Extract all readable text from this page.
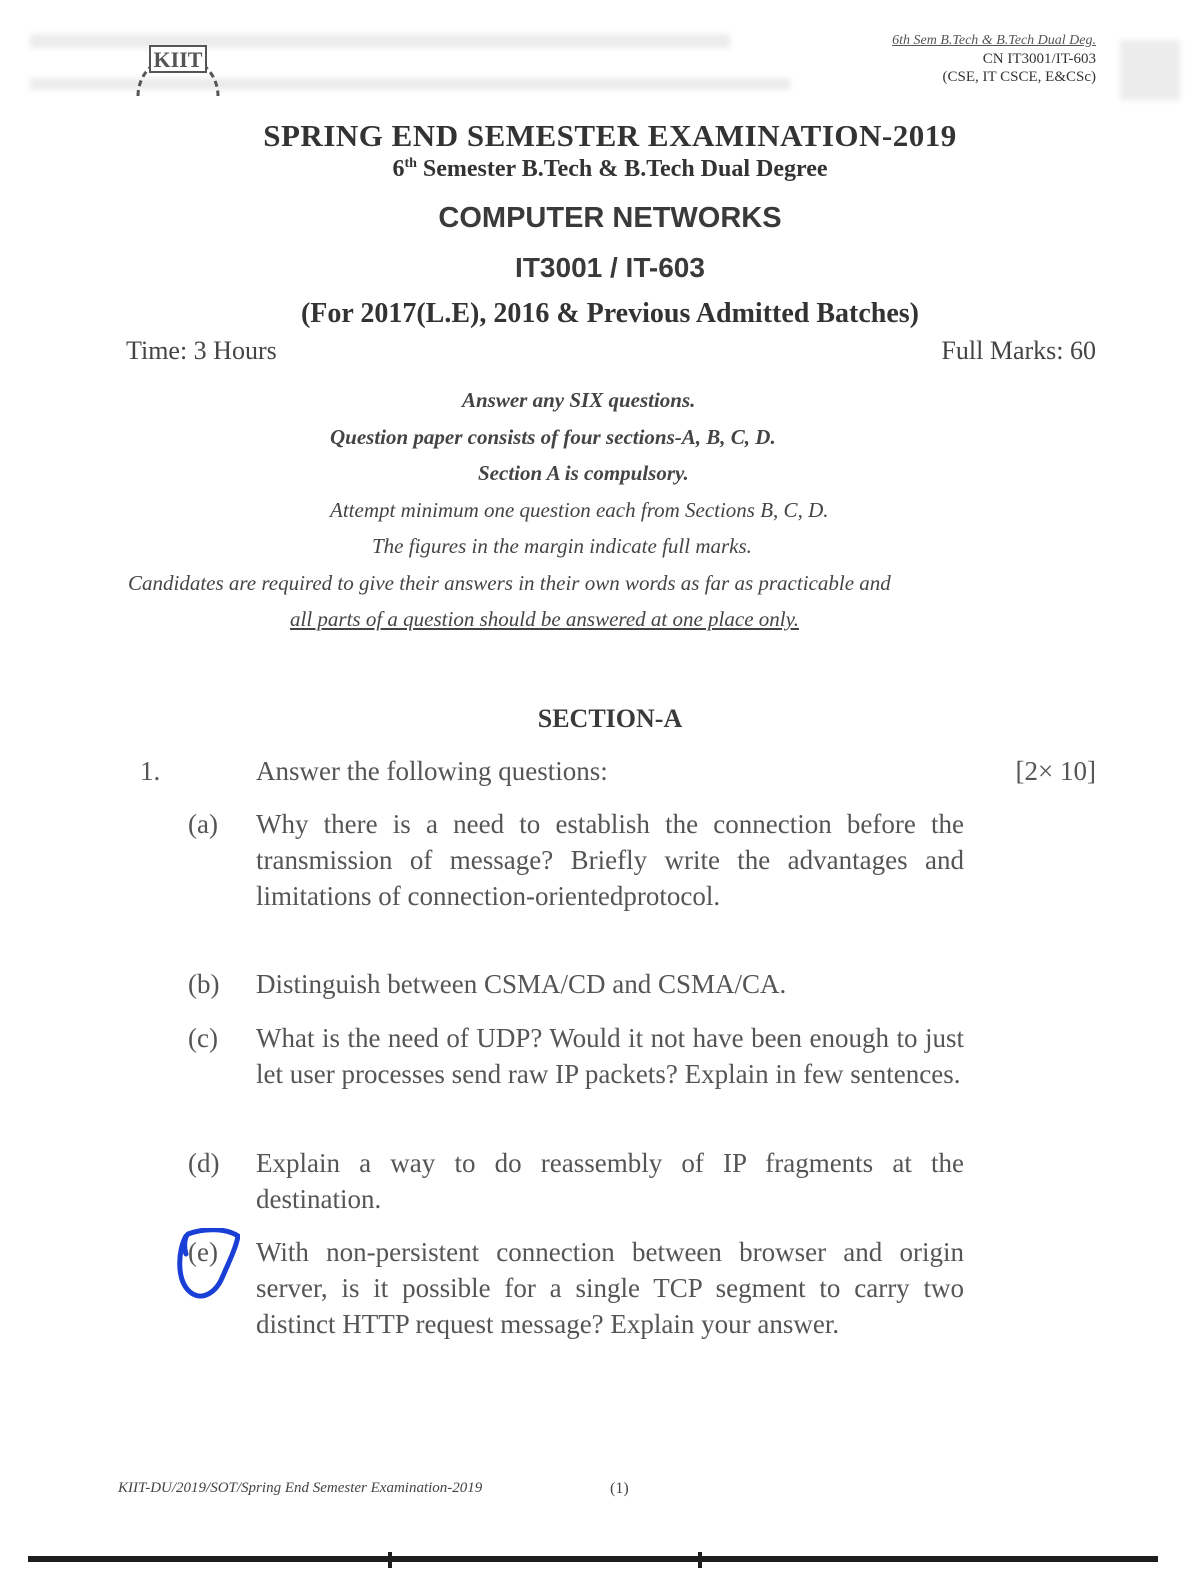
KIIT
6th Sem B.Tech & B.Tech Dual Deg.
CN IT3001/IT-603
(CSE, IT CSCE, E&CSc)
SPRING END SEMESTER EXAMINATION-2019
6th Semester B.Tech & B.Tech Dual Degree
COMPUTER NETWORKS
IT3001 / IT-603
(For 2017(L.E), 2016 & Previous Admitted Batches)
Time: 3 Hours	Full Marks: 60
Answer any SIX questions.
Question paper consists of four sections-A, B, C, D.
Section A is compulsory.
Attempt minimum one question each from Sections B, C, D.
The figures in the margin indicate full marks.
Candidates are required to give their answers in their own words as far as practicable and
all parts of a question should be answered at one place only.
SECTION-A
1.	Answer the following questions:	[2× 10]
(a) Why there is a need to establish the connection before the transmission of message? Briefly write the advantages and limitations of connection-orientedprotocol.
(b) Distinguish between CSMA/CD and CSMA/CA.
(c) What is the need of UDP? Would it not have been enough to just let user processes send raw IP packets? Explain in few sentences.
(d) Explain a way to do reassembly of IP fragments at the destination.
(e) With non-persistent connection between browser and origin server, is it possible for a single TCP segment to carry two distinct HTTP request message? Explain your answer.
KIIT-DU/2019/SOT/Spring End Semester Examination-2019	(1)
